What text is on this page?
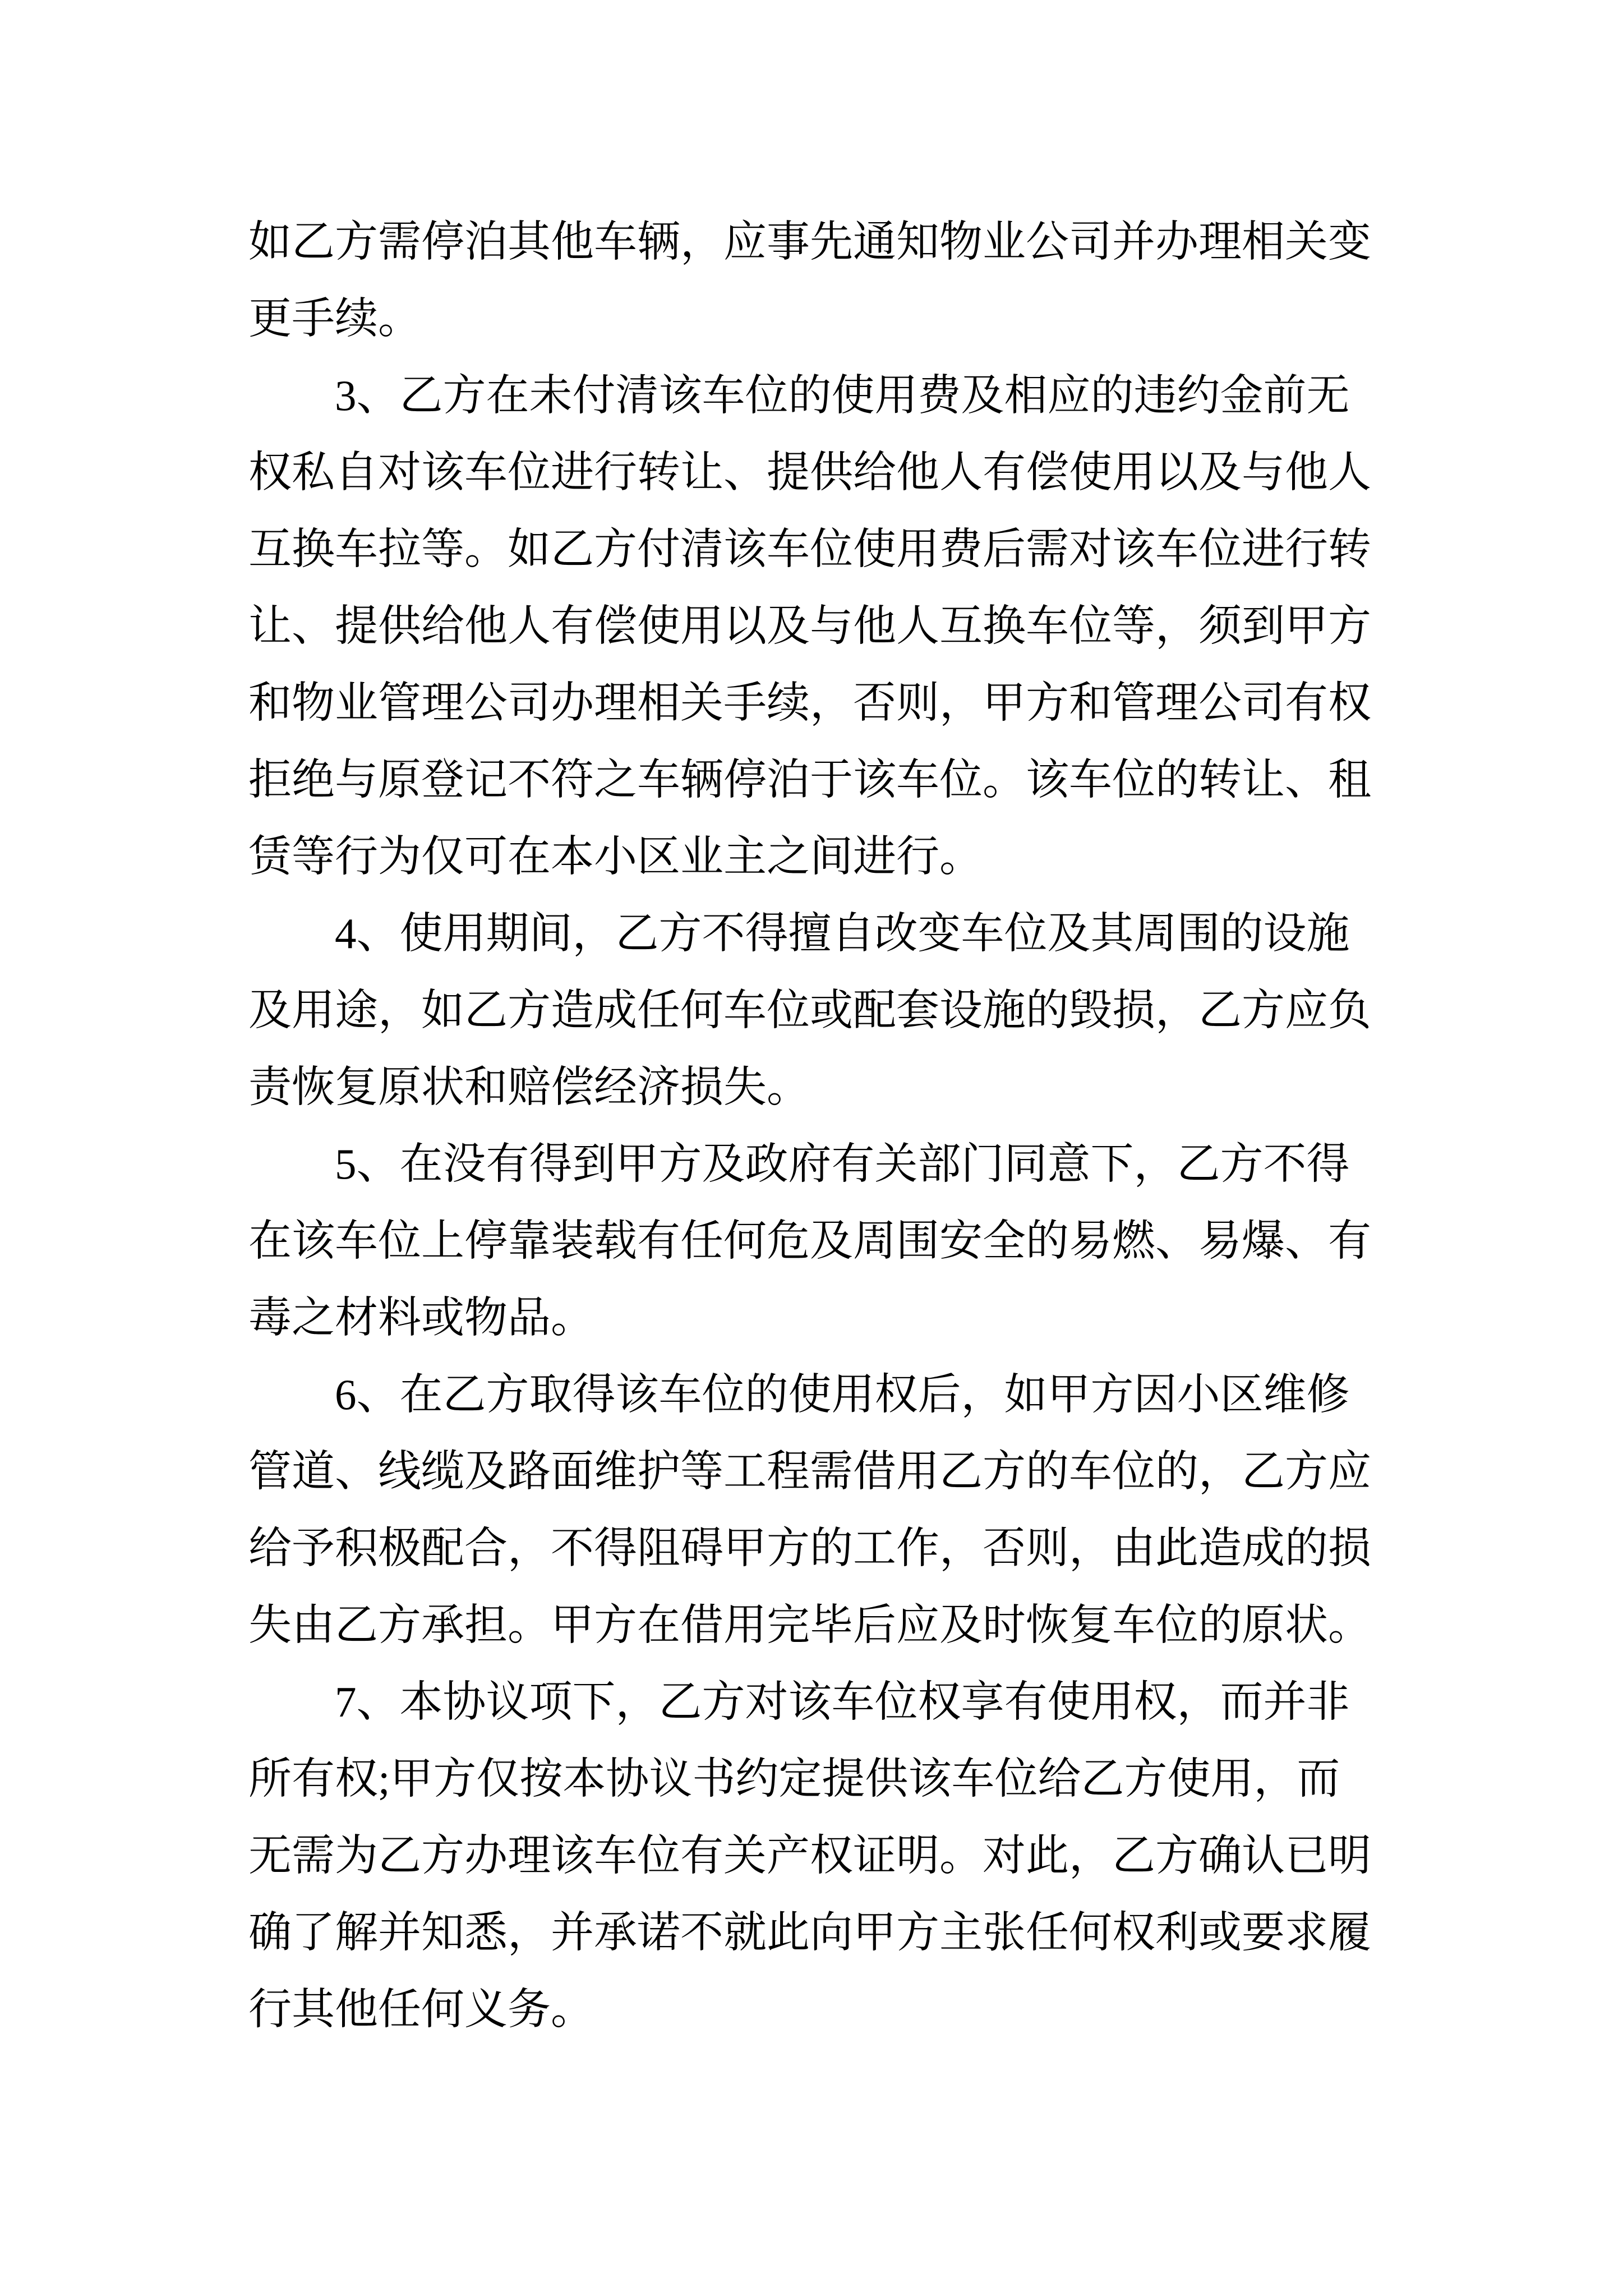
如乙方需停泊其他车辆，应事先通知物业公司并办理相关变
更手续。
　　3、乙方在未付清该车位的使用费及相应的违约金前无
权私自对该车位进行转让、提供给他人有偿使用以及与他人
互换车拉等。如乙方付清该车位使用费后需对该车位进行转
让、提供给他人有偿使用以及与他人互换车位等，须到甲方
和物业管理公司办理相关手续，否则，甲方和管理公司有权
拒绝与原登记不符之车辆停泊于该车位。该车位的转让、租
赁等行为仅可在本小区业主之间进行。
　　4、使用期间，乙方不得擅自改变车位及其周围的设施
及用途，如乙方造成任何车位或配套设施的毁损，乙方应负
责恢复原状和赔偿经济损失。
　　5、在没有得到甲方及政府有关部门同意下，乙方不得
在该车位上停靠装载有任何危及周围安全的易燃、易爆、有
毒之材料或物品。
　　6、在乙方取得该车位的使用权后，如甲方因小区维修
管道、线缆及路面维护等工程需借用乙方的车位的，乙方应
给予积极配合，不得阻碍甲方的工作，否则，由此造成的损
失由乙方承担。甲方在借用完毕后应及时恢复车位的原状。
　　7、本协议项下，乙方对该车位权享有使用权，而并非
所有权;甲方仅按本协议书约定提供该车位给乙方使用，而
无需为乙方办理该车位有关产权证明。对此，乙方确认已明
确了解并知悉，并承诺不就此向甲方主张任何权利或要求履
行其他任何义务。
